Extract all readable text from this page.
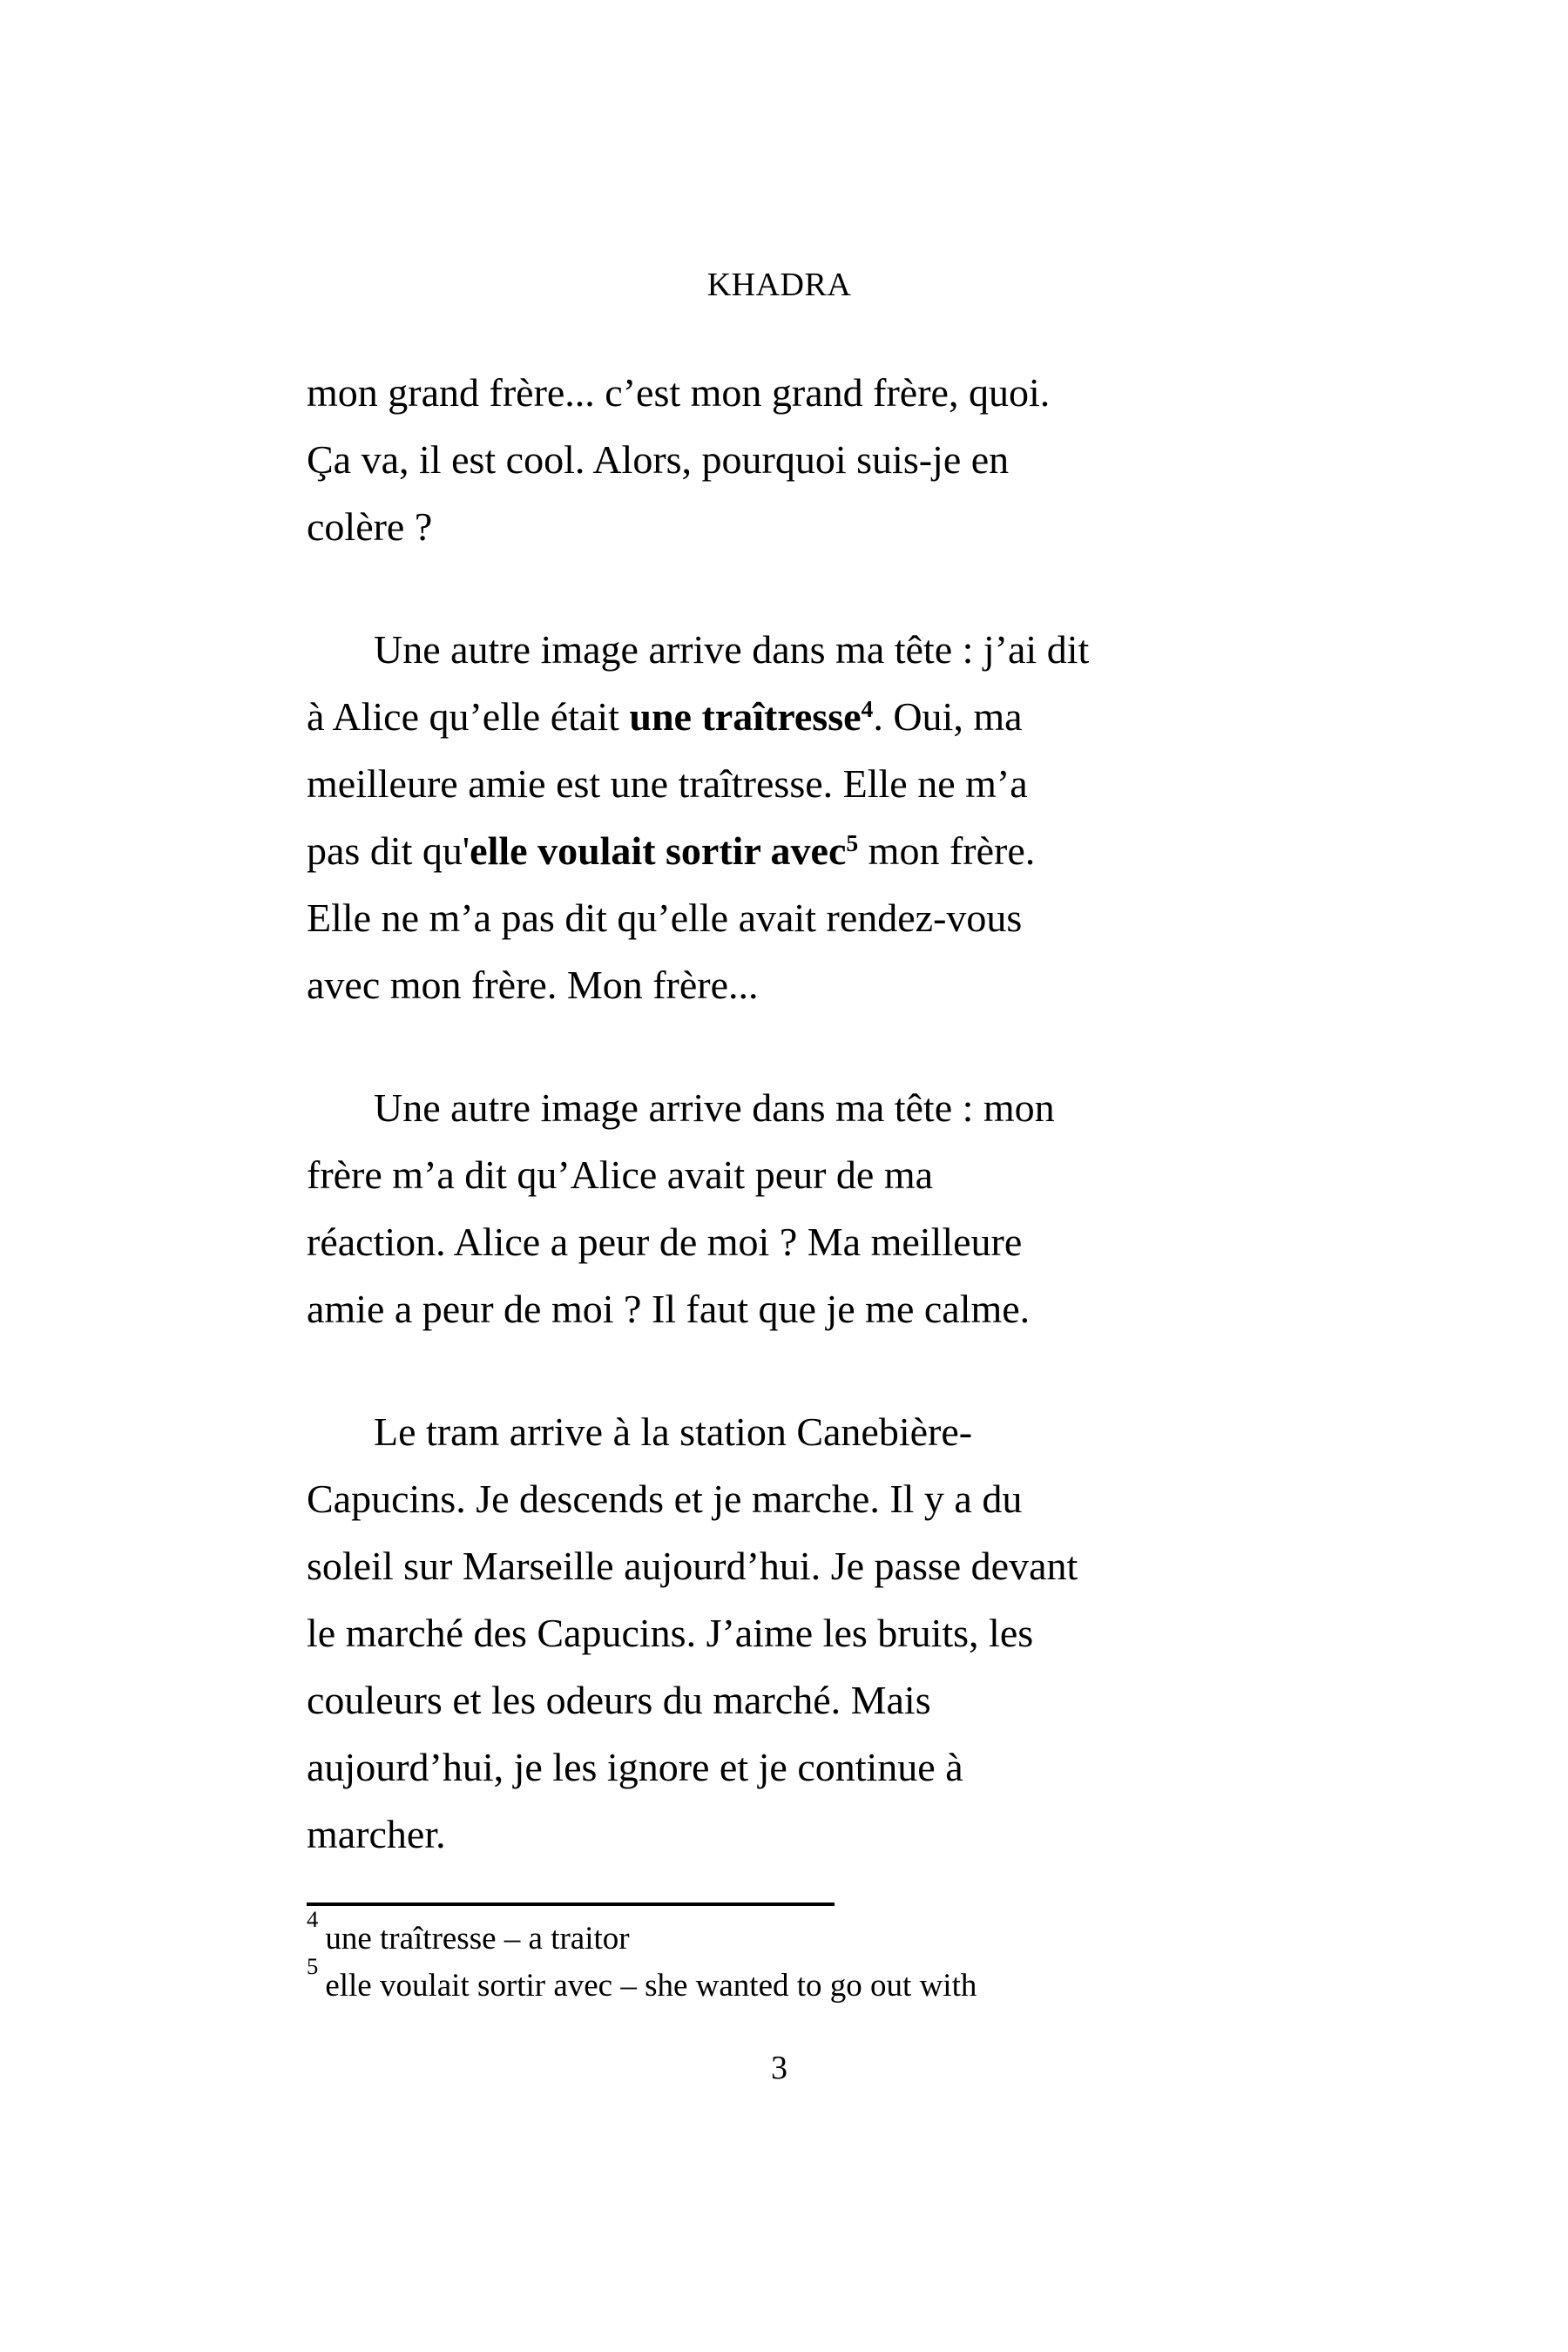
KHADRA
mon grand frère... c’est mon grand frère, quoi.
Ça va, il est cool. Alors, pourquoi suis-je en
colère ?
Une autre image arrive dans ma tête : j’ai dit
à Alice qu’elle était une traîtresse$^4$. Oui, ma
meilleure amie est une traîtresse. Elle ne m’a
pas dit qu'elle voulait sortir avec$^5$ mon frère.
Elle ne m’a pas dit qu’elle avait rendez-vous
avec mon frère. Mon frère...
Une autre image arrive dans ma tête : mon
frère m’a dit qu’Alice avait peur de ma
réaction. Alice a peur de moi ? Ma meilleure
amie a peur de moi ? Il faut que je me calme.
Le tram arrive à la station Canebière-
Capucins. Je descends et je marche. Il y a du
soleil sur Marseille aujourd’hui. Je passe devant
le marché des Capucins. J’aime les bruits, les
couleurs et les odeurs du marché. Mais
aujourd’hui, je les ignore et je continue à
marcher.
$^4$une traîtresse – a traitor
$^5$elle voulait sortir avec – she wanted to go out with
3
